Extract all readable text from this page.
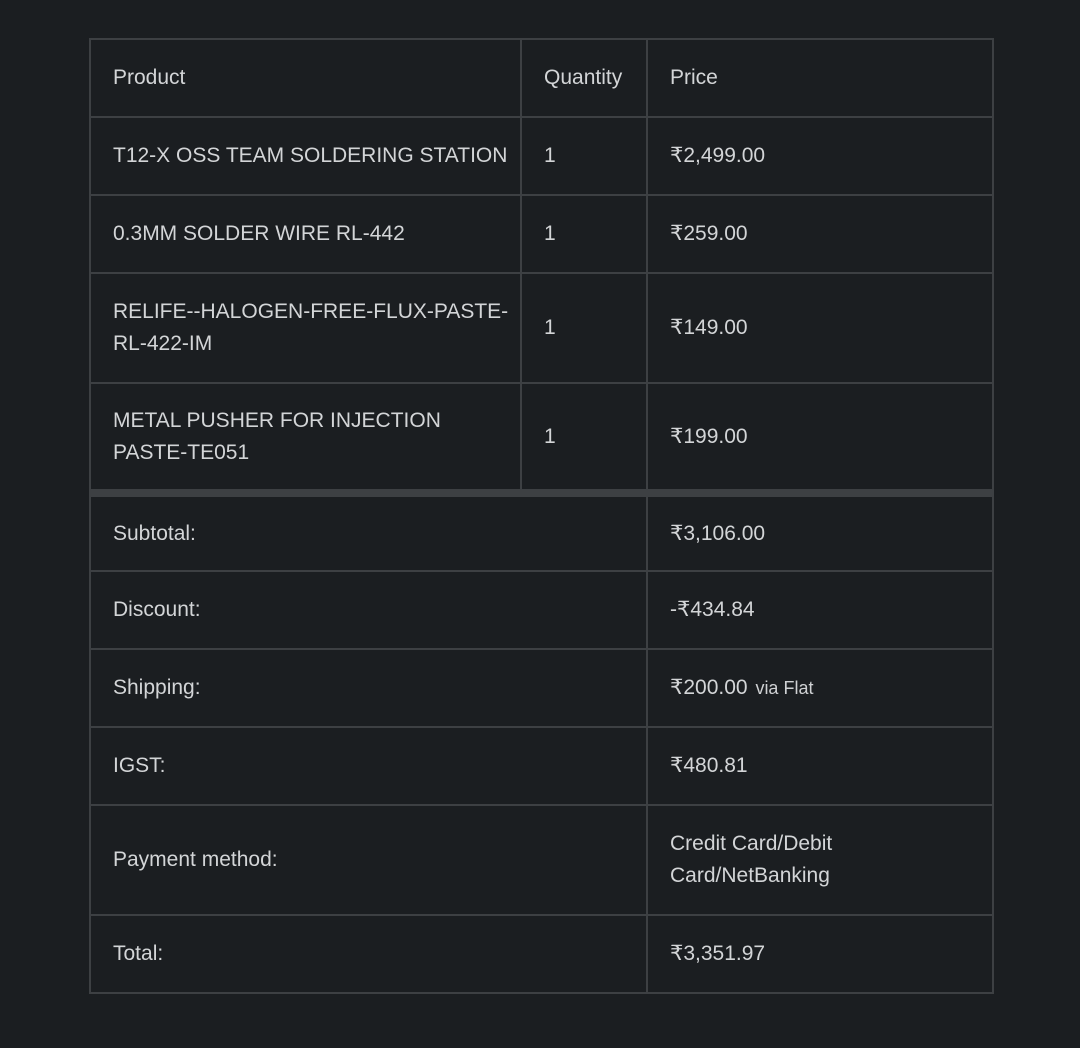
Product	Quantity	Price
T12-X OSS TEAM SOLDERING STATION	1	₹2,499.00
0.3MM SOLDER WIRE RL-442	1	₹259.00
RELIFE--HALOGEN-FREE-FLUX-PASTE-RL-422-IM	1	₹149.00
METAL PUSHER FOR INJECTION PASTE-TE051	1	₹199.00
Subtotal:		₹3,106.00
Discount:		-₹434.84
Shipping:		₹200.00 via Flat
IGST:		₹480.81
Payment method:		Credit Card/Debit Card/NetBanking
Total:		₹3,351.97
